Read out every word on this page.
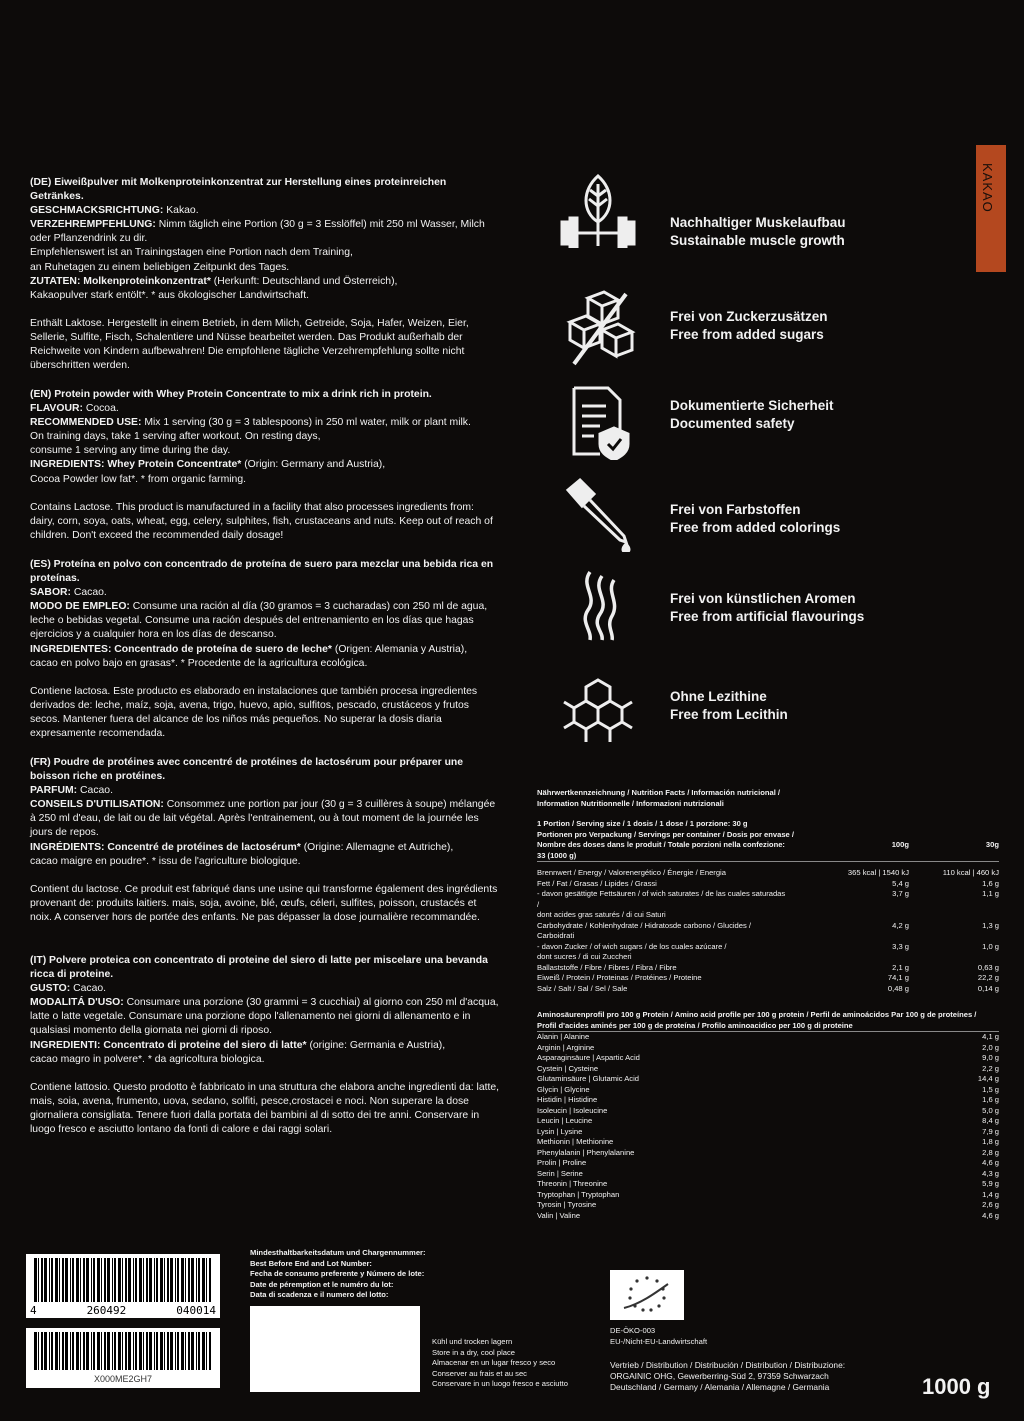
KAKAO

(DE) Eiweißpulver mit Molkenproteinkonzentrat zur Herstellung eines proteinreichen Getränkes.

GESCHMACKSRICHTUNG: Kakao.

VERZEHREMPFEHLUNG: Nimm täglich eine Portion (30 g = 3 Esslöffel) mit 250 ml Wasser, Milch oder Pflanzendrink zu dir.

Empfehlenswert ist an Trainingstagen eine Portion nach dem Training,

an Ruhetagen zu einem beliebigen Zeitpunkt des Tages.

ZUTATEN: Molkenproteinkonzentrat* (Herkunft: Deutschland und Österreich),

Kakaopulver stark entölt*. * aus ökologischer Landwirtschaft.

Enthält Laktose. Hergestellt in einem Betrieb, in dem Milch, Getreide, Soja, Hafer, Weizen, Eier, Sellerie, Sulfite, Fisch, Schalentiere und Nüsse bearbeitet werden. Das Produkt außerhalb der Reichweite von Kindern aufbewahren! Die empfohlene tägliche Verzehrempfehlung sollte nicht überschritten werden.

(EN) Protein powder with Whey Protein Concentrate to mix a drink rich in protein.

FLAVOUR: Cocoa.

RECOMMENDED USE: Mix 1 serving (30 g = 3 tablespoons) in 250 ml water, milk or plant milk.

On training days, take 1 serving after workout. On resting days,

consume 1 serving any time during the day.

INGREDIENTS: Whey Protein Concentrate* (Origin: Germany and Austria),

Cocoa Powder low fat*. * from organic farming.

Contains Lactose. This product is manufactured in a facility that also processes ingredients from: dairy, corn, soya, oats, wheat, egg, celery, sulphites, fish, crustaceans and nuts. Keep out of reach of children. Don't exceed the recommended daily dosage!

(ES) Proteína en polvo con concentrado de proteína de suero para mezclar una bebida rica en proteínas.

SABOR: Cacao.

MODO DE EMPLEO: Consume una ración al día (30 gramos = 3 cucharadas) con 250 ml de agua, leche o bebidas vegetal. Consume una ración después del entrenamiento en los días que hagas ejercicios y a cualquier hora en los días de descanso.

INGREDIENTES: Concentrado de proteína de suero de leche* (Origen: Alemania y Austria),

cacao en polvo bajo en grasas*. * Procedente de la agricultura ecológica.

Contiene lactosa. Este producto es elaborado en instalaciones que también procesa ingredientes derivados de: leche, maíz, soja, avena, trigo, huevo, apio, sulfitos, pescado, crustáceos y frutos secos. Mantener fuera del alcance de los niños más pequeños. No superar la dosis diaria expresamente recomendada.

(FR) Poudre de protéines avec concentré de protéines de lactosérum pour préparer une boisson riche en protéines.

PARFUM: Cacao.

CONSEILS D'UTILISATION: Consommez une portion par jour (30 g = 3 cuillères à soupe) mélangée à 250 ml d'eau, de lait ou de lait végétal. Après l'entrainement, ou à tout moment de la journée les jours de repos.

INGRÉDIENTS: Concentré de protéines de lactosérum* (Origine: Allemagne et Autriche),

cacao maigre en poudre*. * issu de l'agriculture biologique.

Contient du lactose. Ce produit est fabriqué dans une usine qui transforme également des ingrédients provenant de: produits laitiers. mais, soja, avoine, blé, œufs, céleri, sulfites, poisson, crustacés et noix. A conserver hors de portée des enfants. Ne pas dépasser la dose journalière recommandée.

(IT) Polvere proteica con concentrato di proteine del siero di latte per miscelare una bevanda ricca di proteine.

GUSTO: Cacao.

MODALITÁ D'USO: Consumare una porzione (30 grammi = 3 cucchiai) al giorno con 250 ml d'acqua, latte o latte vegetale. Consumare una porzione dopo l'allenamento nei giorni di allenamento e in qualsiasi momento della giornata nei giorni di riposo.

INGREDIENTI: Concentrato di proteine del siero di latte* (origine: Germania e Austria),

cacao magro in polvere*. * da agricoltura biologica.

Contiene lattosio. Questo prodotto è fabbricato in una struttura che elabora anche ingredienti da: latte, mais, soia, avena, frumento, uova, sedano, solfiti, pesce,crostacei e noci. Non superare la dose giornaliera consigliata. Tenere fuori dalla portata dei bambini al di sotto dei tre anni. Conservare in luogo fresco e asciutto lontano da fonti di calore e dai raggi solari.

Nachhaltiger Muskelaufbau
Sustainable muscle growth
Frei von Zuckerzusätzen
Free from added sugars
Dokumentierte Sicherheit
Documented safety
Frei von Farbstoffen
Free from added colorings
Frei von künstlichen Aromen
Free from artificial flavourings
Ohne Lezithine
Free from Lecithin

Nährwertkennzeichnung / Nutrition Facts / Información nutricional /

Information Nutritionnelle / Informazioni nutrizionali

1 Portion / Serving size / 1 dosis / 1 dose / 1 porzione: 30 g

Portionen pro Verpackung / Servings per container / Dosis por envase /

Nombre des doses dans le produit / Totale porzioni nella confezione: 33 (1000 g)
100g	30g
Brennwert / Energy / Valorenergético / Énergie / Energia	365 kcal | 1540 kJ	110 kcal | 460 kJ
Fett / Fat / Grasas / Lipides / Grassi	5,4 g	1,6 g
- davon gesättigte Fettsäuren / of wich saturates / de las cuales saturadas /
3,7 g	1,1 g
dont acides gras saturés / di cui Saturi
Carbohydrate / Kohlenhydrate / Hidratosde carbono / Glucides / Carboidrati
4,2 g	1,3 g
- davon Zucker / of wich sugars / de los cuales azúcare /	3,3 g	1,0 g
dont sucres / di cui Zuccheri
Ballaststoffe / Fibre / Fibres / Fibra / Fibre	2,1 g	0,63 g
Eiweiß / Protein / Proteinas / Protéines / Proteine	74,1 g	22,2 g
Salz / Salt / Sal / Sel / Sale	0,48 g	0,14 g

Aminosäurenprofil pro 100 g Protein / Amino acid profile per 100 g protein / Perfil de aminoácidos Par 100 g de proteínes /

Profil d'acides aminés per 100 g de proteína / Profilo aminoacidico per 100 g di proteine

Alanin | Alanine	4,1 g
Arginin | Arginine	2,0 g
Asparaginsäure | Aspartic Acid	9,0 g
Cystein | Cysteine	2,2 g
Glutaminsäure | Glutamic Acid	14,4 g
Glycin | Glycine	1,5 g
Histidin | Histidine	1,6 g
Isoleucin | Isoleucine	5,0 g
Leucin | Leucine	8,4 g
Lysin | Lysine	7,9 g
Methionin | Methionine	1,8 g
Phenylalanin | Phenylalanine	2,8 g
Prolin | Proline	4,6 g
Serin | Serine	4,3 g
Threonin | Threonine	5,9 g
Tryptophan | Tryptophan	1,4 g
Tyrosin | Tyrosine	2,6 g
Valin | Valine	4,6 g
4	260492	040014
X000ME2GH7
Mindesthaltbarkeitsdatum und Chargennummer:
Best Before End and Lot Number:
Fecha de consumo preferente y Número de lote:
Date de péremption et le numéro du lot:
Data di scadenza e il numero del lotto:
Kühl und trocken lagern
Store in a dry, cool place
Almacenar en un lugar fresco y seco
Conserver au frais et au sec
Conservare in un luogo fresco e asciutto
DE-ÖKO-003
EU-/Nicht-EU-Landwirtschaft
Vertrieb / Distribution / Distribución / Distribution / Distribuzione:
ORGAINIC OHG, Gewerberring-Süd 2, 97359 Schwarzach
Deutschland / Germany / Alemania / Allemagne / Germania	1000 g
